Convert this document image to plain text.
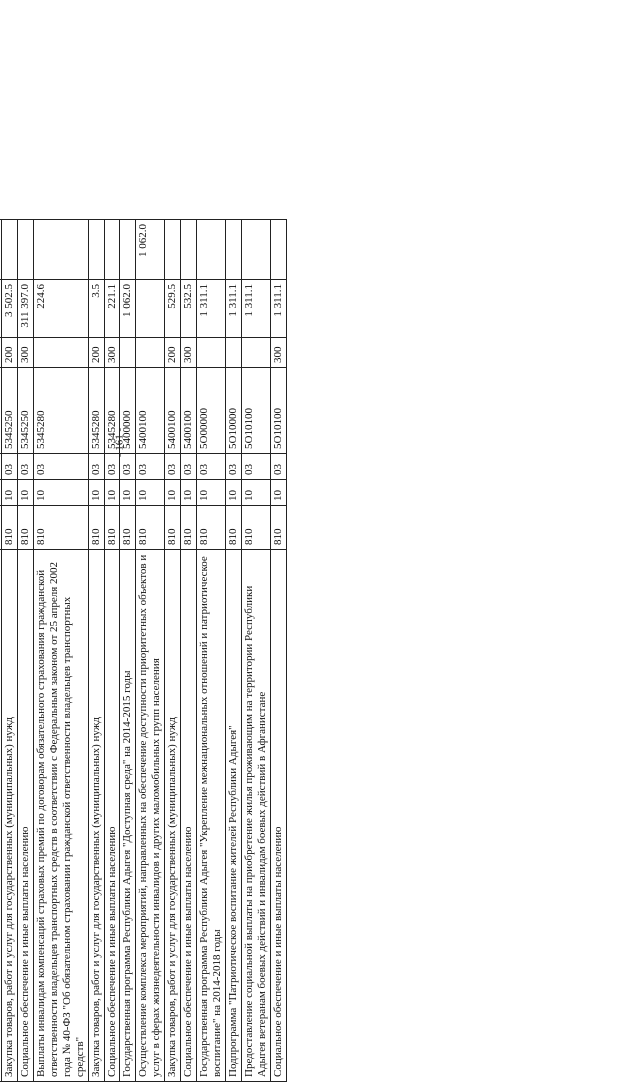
- 161 -

Закупка товаров, работ и услуг для государственных (муниципальных) нужд	810	10	03	5345250	200	3 502.5	
Социальное обеспечение и иные выплаты населению	810	10	03	5345250	300	311 397.0	
Выплаты инвалидам компенсаций страховых премий по договорам обязательного страхования гражданской ответственности владельцев транспортных средств в соответствии с Федеральным законом от 25 апреля 2002 года № 40-ФЗ "Об обязательном страховании гражданской ответственности владельцев транспортных средств"	810	10	03	5345280		224.6	
Закупка товаров, работ и услуг для государственных (муниципальных) нужд	810	10	03	5345280	200	3.5	
Социальное обеспечение и иные выплаты населению	810	10	03	5345280	300	221.1	
Государственная программа Республики Адыгея "Доступная среда" на 2014-2015 годы	810	10	03	5400000		1 062.0	
Осуществление комплекса мероприятий, направленных на обеспечение доступности приоритетных объектов и услуг в сферах жизнедеятельности инвалидов и других маломобильных групп населения	810	10	03	5400100			1 062.0
Закупка товаров, работ и услуг для государственных (муниципальных) нужд	810	10	03	5400100	200	529.5	
Социальное обеспечение и иные выплаты населению	810	10	03	5400100	300	532.5	
Государственная программа Республики Адыгея "Укрепление межнациональных отношений и патриотическое воспитание" на 2014-2018 годы	810	10	03	5O00000		1 311.1	
Подпрограмма "Патриотическое воспитание жителей Республики Адыгея"	810	10	03	5O10000		1 311.1	
Предоставление социальной выплаты на приобретение жилья проживающим на территории Республики Адыгея ветеранам боевых действий и инвалидам боевых действий в Афганистане	810	10	03	5O10100		1 311.1	
Социальное обеспечение и иные выплаты населению	810	10	03	5O10100	300	1 311.1	
